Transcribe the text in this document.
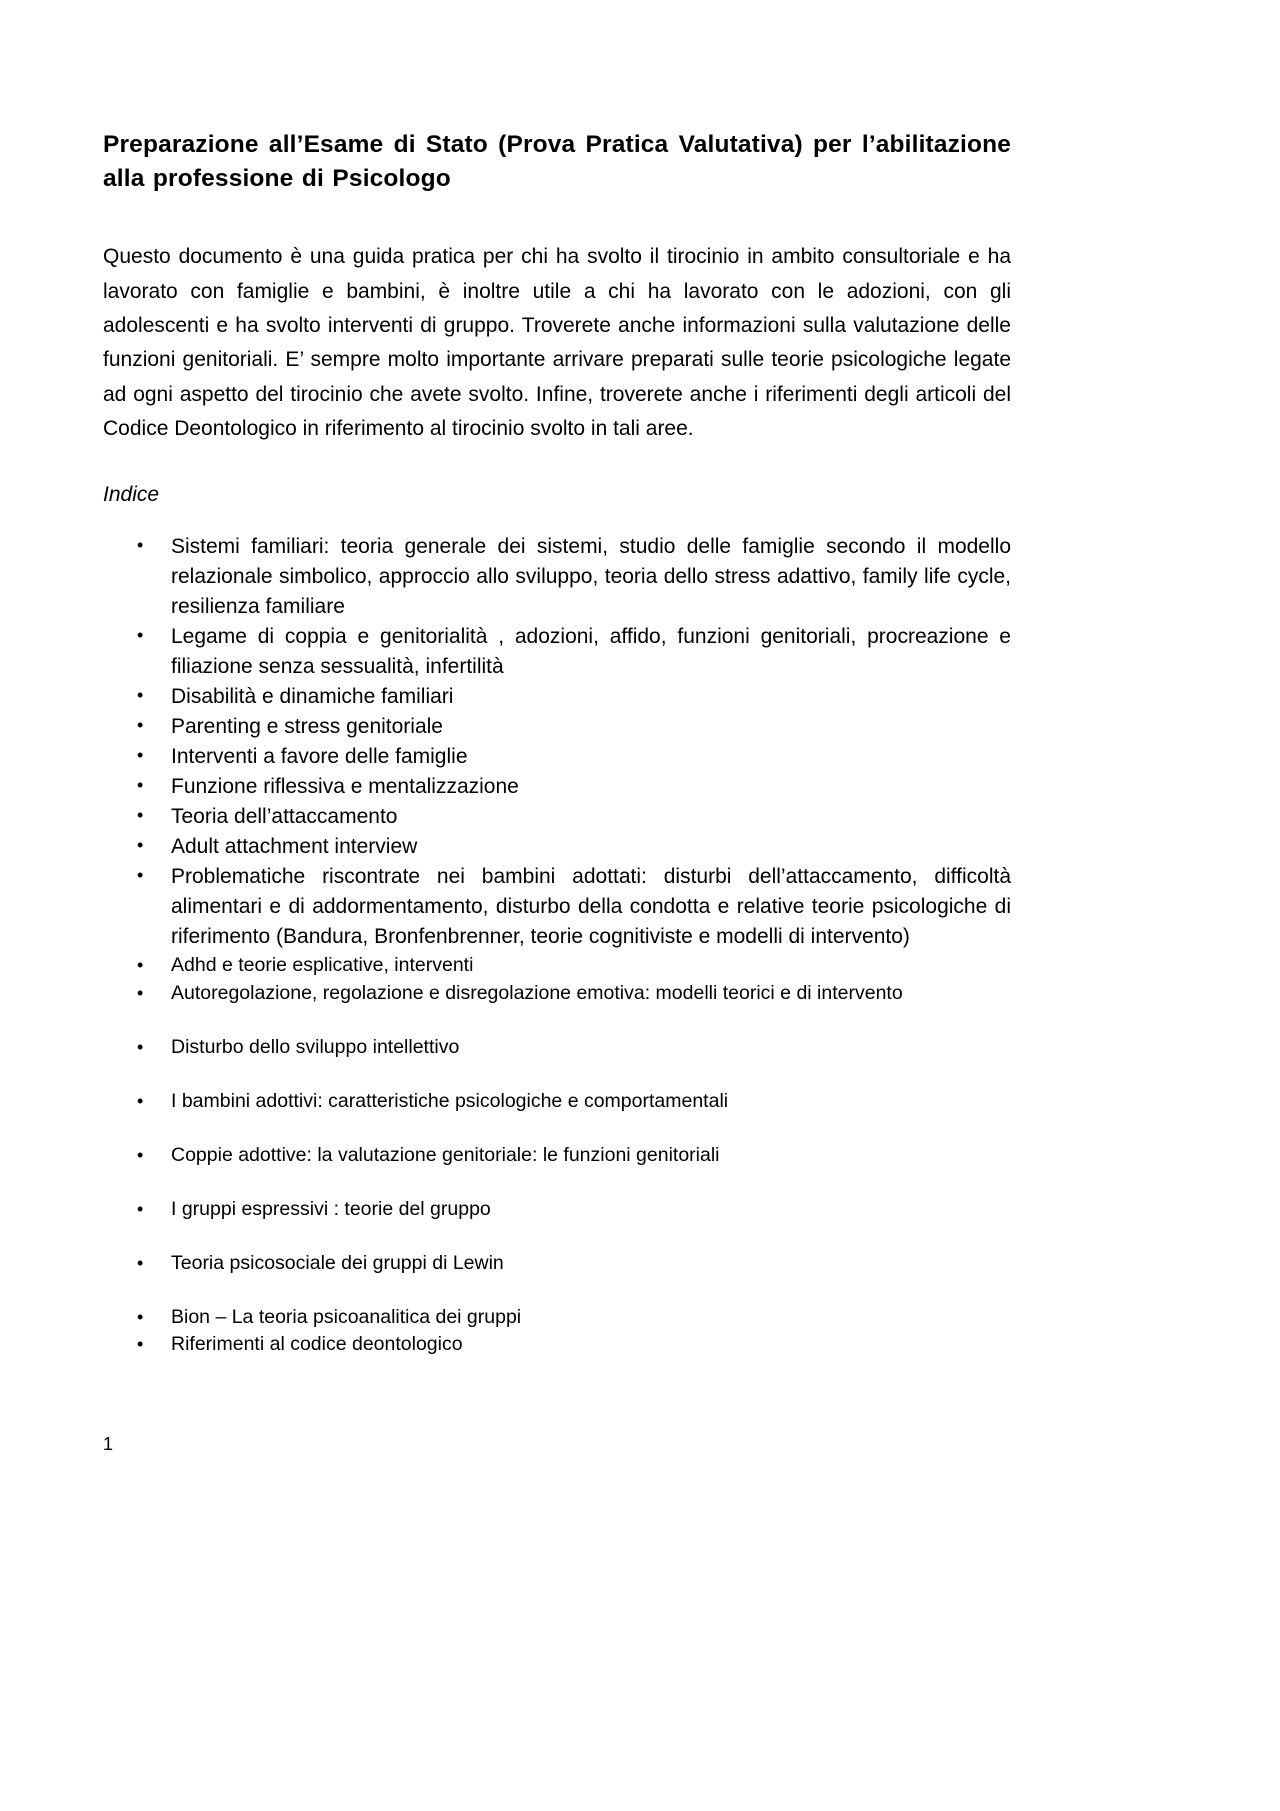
Preparazione all’Esame di Stato (Prova Pratica Valutativa) per l’abilitazione
alla professione di Psicologo

Questo documento è una guida pratica per chi ha svolto il tirocinio in ambito consultoriale e ha lavorato con famiglie e bambini, è inoltre utile a chi ha lavorato con le adozioni, con gli adolescenti e ha svolto interventi di gruppo. Troverete anche informazioni sulla valutazione delle funzioni genitoriali. E’ sempre molto importante arrivare preparati sulle teorie psicologiche legate ad ogni aspetto del tirocinio che avete svolto. Infine, troverete anche i riferimenti degli articoli del Codice Deontologico in riferimento al tirocinio svolto in tali aree.

Indice

• Sistemi familiari: teoria generale dei sistemi, studio delle famiglie secondo il modello relazionale simbolico, approccio allo sviluppo, teoria dello stress adattivo, family life cycle, resilienza familiare
• Legame di coppia e genitorialità , adozioni, affido, funzioni genitoriali, procreazione e filiazione senza sessualità, infertilità
• Disabilità e dinamiche familiari
• Parenting e stress genitoriale
• Interventi a favore delle famiglie
• Funzione riflessiva e mentalizzazione
• Teoria dell’attaccamento
• Adult attachment interview
• Problematiche riscontrate nei bambini adottati: disturbi dell’attaccamento, difficoltà alimentari e di addormentamento, disturbo della condotta e relative teorie psicologiche di riferimento (Bandura, Bronfenbrenner, teorie cognitiviste e modelli di intervento)
• Adhd e teorie esplicative, interventi
• Autoregolazione, regolazione e disregolazione emotiva: modelli teorici e di intervento
• Disturbo dello sviluppo intellettivo
• I bambini adottivi: caratteristiche psicologiche e comportamentali
• Coppie adottive: la valutazione genitoriale: le funzioni genitoriali
• I gruppi espressivi : teorie del gruppo
• Teoria psicosociale dei gruppi di Lewin
• Bion – La teoria psicoanalitica dei gruppi
• Riferimenti al codice deontologico
1
